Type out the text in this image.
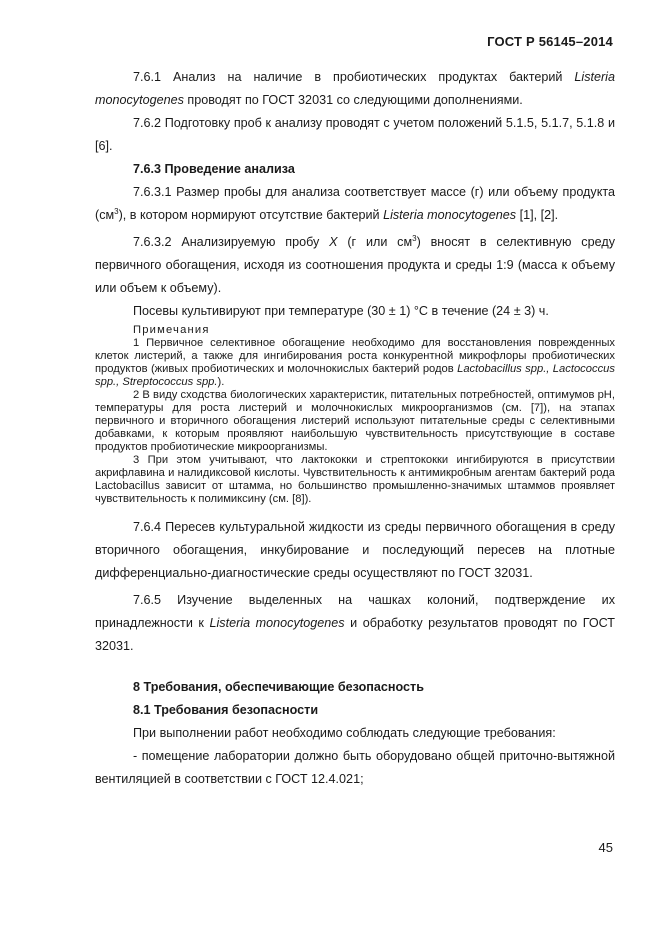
ГОСТ Р 56145–2014

7.6.1 Анализ на наличие в пробиотических продуктах бактерий Listeria monocytogenes проводят по ГОСТ 32031 со следующими дополнениями.

7.6.2 Подготовку проб к анализу проводят с учетом положений 5.1.5, 5.1.7, 5.1.8 и [6].

7.6.3 Проведение анализа

7.6.3.1 Размер пробы для анализа соответствует массе (г) или объему продукта $(см^3)$, в котором нормируют отсутствие бактерий Listeria monocytogenes [1], [2].

7.6.3.2 Анализируемую пробу X (г или $см^3$) вносят в селективную среду первичного обогащения, исходя из соотношения продукта и среды 1:9 (масса к объему или объем к объему).

Посевы культивируют при температуре (30 ± 1) °С в течение (24 ± 3) ч.

Примечания

1 Первичное селективное обогащение необходимо для восстановления поврежденных клеток листерий, а также для ингибирования роста конкурентной микрофлоры пробиотических продуктов (живых пробиотических и молочнокислых бактерий родов Lactobacillus spp., Lactococcus spp., Streptococcus spp.).

2 В виду сходства биологических характеристик, питательных потребностей, оптимумов рН, температуры для роста листерий и молочнокислых микроорганизмов (см. [7]), на этапах первичного и вторичного обогащения листерий используют питательные среды с селективными добавками, к которым проявляют наибольшую чувствительность присутствующие в составе продуктов пробиотические микроорганизмы.

3 При этом учитывают, что лактококки и стрептококки ингибируются в присутствии акрифлавина и налидиксовой кислоты. Чувствительность к антимикробным агентам бактерий рода Lactobacillus зависит от штамма, но большинство промышленно-значимых штаммов проявляет чувствительность к полимиксину (см. [8]).

7.6.4 Пересев культуральной жидкости из среды первичного обогащения в среду вторичного обогащения, инкубирование и последующий пересев на плотные дифференциально-диагностические среды осуществляют по ГОСТ 32031.

7.6.5 Изучение выделенных на чашках колоний, подтверждение их принадлежности к Listeria monocytogenes и обработку результатов проводят по ГОСТ 32031.

8 Требования, обеспечивающие безопасность

8.1 Требования безопасности

При выполнении работ необходимо соблюдать следующие требования:

- помещение лаборатории должно быть оборудовано общей приточно-вытяжной вентиляцией в соответствии с ГОСТ 12.4.021;

45
